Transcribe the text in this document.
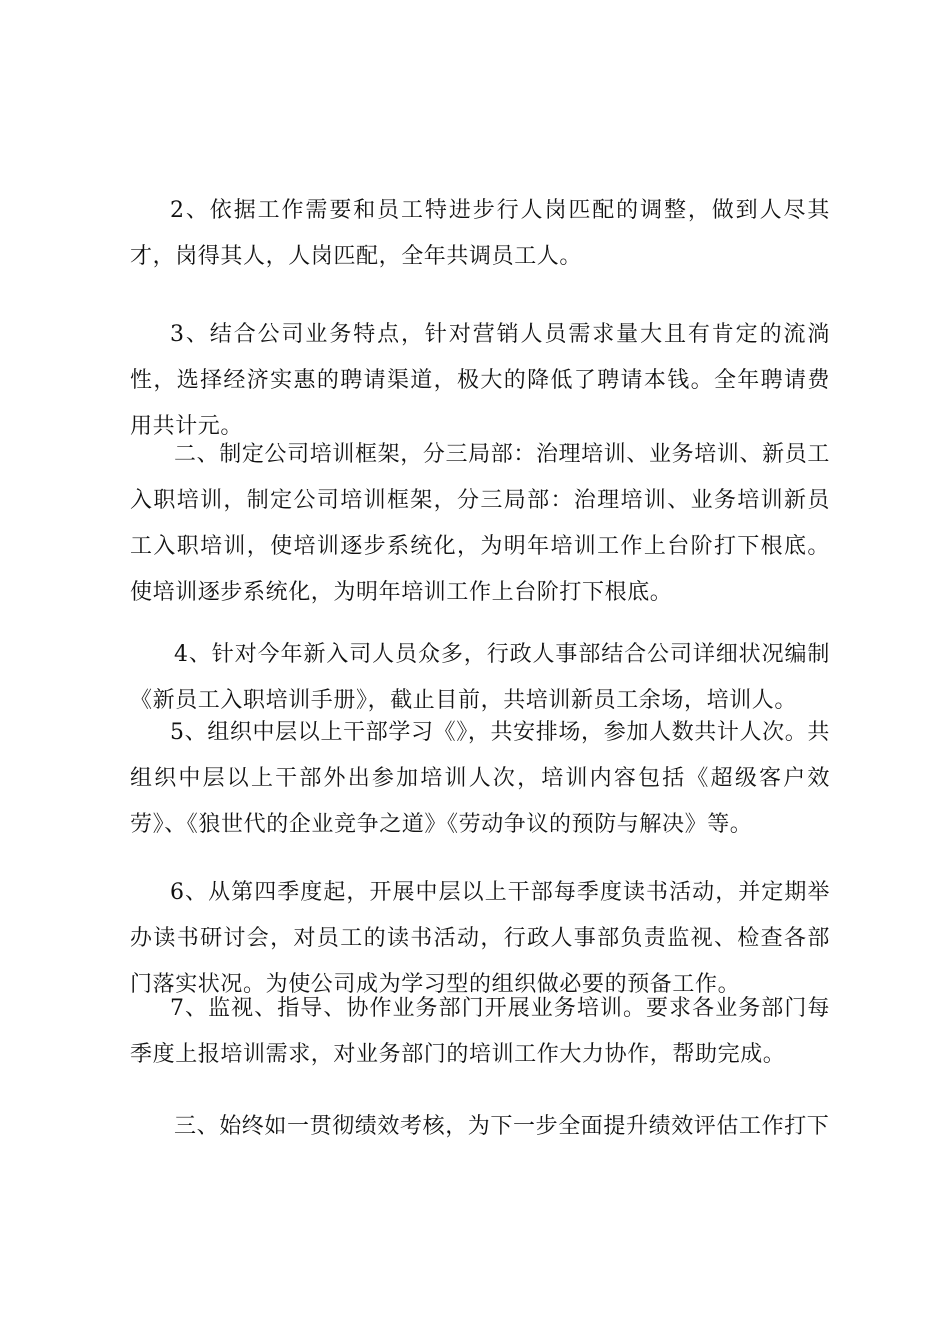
2、依据工作需要和员工特进步行人岗匹配的调整，做到人尽其才，岗得其人，人岗匹配，全年共调员工人。

3、结合公司业务特点，针对营销人员需求量大且有肯定的流淌性，选择经济实惠的聘请渠道，极大的降低了聘请本钱。全年聘请费用共计元。

二、制定公司培训框架，分三局部：治理培训、业务培训、新员工入职培训，制定公司培训框架，分三局部：治理培训、业务培训新员工入职培训，使培训逐步系统化，为明年培训工作上台阶打下根底。使培训逐步系统化，为明年培训工作上台阶打下根底。

4、针对今年新入司人员众多，行政人事部结合公司详细状况编制《新员工入职培训手册》，截止目前，共培训新员工余场，培训人。

5、组织中层以上干部学习《》，共安排场，参加人数共计人次。共组织中层以上干部外出参加培训人次，培训内容包括《超级客户效劳》、《狼世代的企业竞争之道》《劳动争议的预防与解决》等。

6、从第四季度起，开展中层以上干部每季度读书活动，并定期举办读书研讨会，对员工的读书活动，行政人事部负责监视、检查各部门落实状况。为使公司成为学习型的组织做必要的预备工作。

7、监视、指导、协作业务部门开展业务培训。要求各业务部门每季度上报培训需求，对业务部门的培训工作大力协作，帮助完成。

三、始终如一贯彻绩效考核，为下一步全面提升绩效评估工作打下
